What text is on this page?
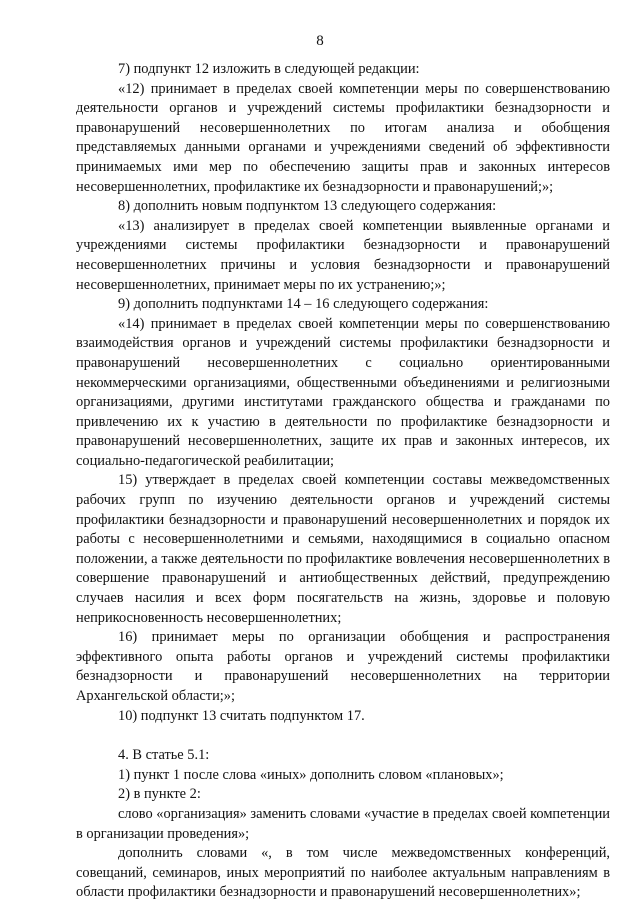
8

7) подпункт 12 изложить в следующей редакции:

«12) принимает в пределах своей компетенции меры по совершенствованию деятельности органов и учреждений системы профилактики безнадзорности и правонарушений несовершеннолетних по итогам анализа и обобщения представляемых данными органами и учреждениями сведений об эффективности принимаемых ими мер по обеспечению защиты прав и законных интересов несовершеннолетних, профилактике их безнадзорности и правонарушений;»;

8) дополнить новым подпунктом 13 следующего содержания:

«13) анализирует в пределах своей компетенции выявленные органами и учреждениями системы профилактики безнадзорности и правонарушений несовершеннолетних причины и условия безнадзорности и правонарушений несовершеннолетних, принимает меры по их устранению;»;

9) дополнить подпунктами 14 – 16 следующего содержания:

«14) принимает в пределах своей компетенции меры по совершенствованию взаимодействия органов и учреждений системы профилактики безнадзорности и правонарушений несовершеннолетних с социально ориентированными некоммерческими организациями, общественными объединениями и религиозными организациями, другими институтами гражданского общества и гражданами по привлечению их к участию в деятельности по профилактике безнадзорности и правонарушений несовершеннолетних, защите их прав и законных интересов, их социально-педагогической реабилитации;

15) утверждает в пределах своей компетенции составы межведомственных рабочих групп по изучению деятельности органов и учреждений системы профилактики безнадзорности и правонарушений несовершеннолетних и порядок их работы с несовершеннолетними и семьями, находящимися в социально опасном положении, а также деятельности по профилактике вовлечения несовершеннолетних в совершение правонарушений и антиобщественных действий, предупреждению случаев насилия и всех форм посягательств на жизнь, здоровье и половую неприкосновенность несовершеннолетних;

16) принимает меры по организации обобщения и распространения эффективного опыта работы органов и учреждений системы профилактики безнадзорности и правонарушений несовершеннолетних на территории Архангельской области;»;

10) подпункт 13 считать подпунктом 17.

4. В статье 5.1:

1) пункт 1 после слова «иных» дополнить словом «плановых»;

2) в пункте 2:

слово «организация» заменить словами «участие в пределах своей компетенции в организации проведения»;

дополнить словами «, в том числе межведомственных конференций, совещаний, семинаров, иных мероприятий по наиболее актуальным направлениям в области профилактики безнадзорности и правонарушений несовершеннолетних»;
